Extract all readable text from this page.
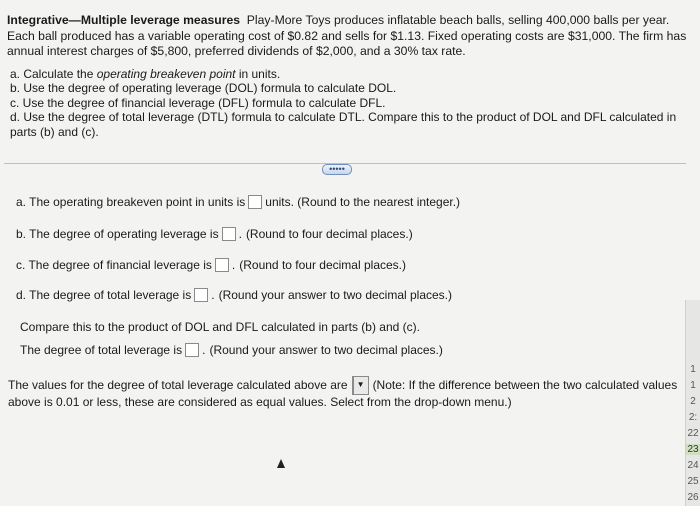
Integrative—Multiple leverage measures Play-More Toys produces inflatable beach balls, selling 400,000 balls per year. Each ball produced has a variable operating cost of $0.82 and sells for $1.13. Fixed operating costs are $31,000. The firm has annual interest charges of $5,800, preferred dividends of $2,000, and a 30% tax rate.
a. Calculate the operating breakeven point in units.
b. Use the degree of operating leverage (DOL) formula to calculate DOL.
c. Use the degree of financial leverage (DFL) formula to calculate DFL.
d. Use the degree of total leverage (DTL) formula to calculate DTL. Compare this to the product of DOL and DFL calculated in parts (b) and (c).
•••••
a. The operating breakeven point in units is units. (Round to the nearest integer.)
b. The degree of operating leverage is . (Round to four decimal places.)
c. The degree of financial leverage is . (Round to four decimal places.)
d. The degree of total leverage is . (Round your answer to two decimal places.)
Compare this to the product of DOL and DFL calculated in parts (b) and (c).
The degree of total leverage is . (Round your answer to two decimal places.)
The values for the degree of total leverage calculated above are	▼ (Note: If the difference between the two calculated values
above is 0.01 or less, these are considered as equal values. Select from the drop-down menu.)
1
1
2
2:
22
23
24
25
26
